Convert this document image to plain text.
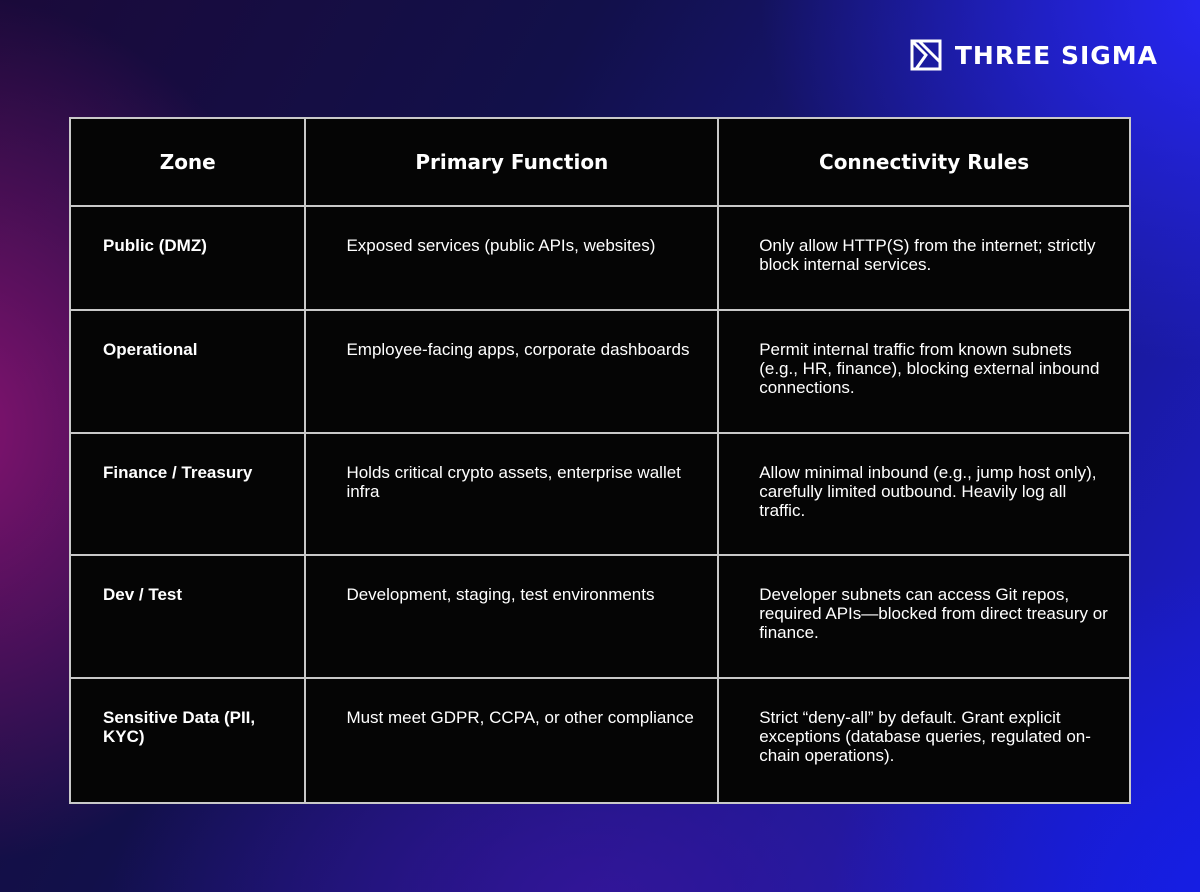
THREE SIGMA
Zone	Primary Function	Connectivity Rules
Public (DMZ)	Exposed services (public APIs, websites)	Only allow HTTP(S) from the internet; strictly block internal services.
Operational	Employee-facing apps, corporate dashboards	Permit internal traffic from known subnets (e.g., HR, finance), blocking external inbound connections.
Finance / Treasury	Holds critical crypto assets, enterprise wallet infra	Allow minimal inbound (e.g., jump host only), carefully limited outbound. Heavily log all traffic.
Dev / Test	Development, staging, test environments	Developer subnets can access Git repos, required APIs—blocked from direct treasury or finance.
Sensitive Data (PII, KYC)	Must meet GDPR, CCPA, or other compliance	Strict “deny-all” by default. Grant explicit exceptions (database queries, regulated on-chain operations).
